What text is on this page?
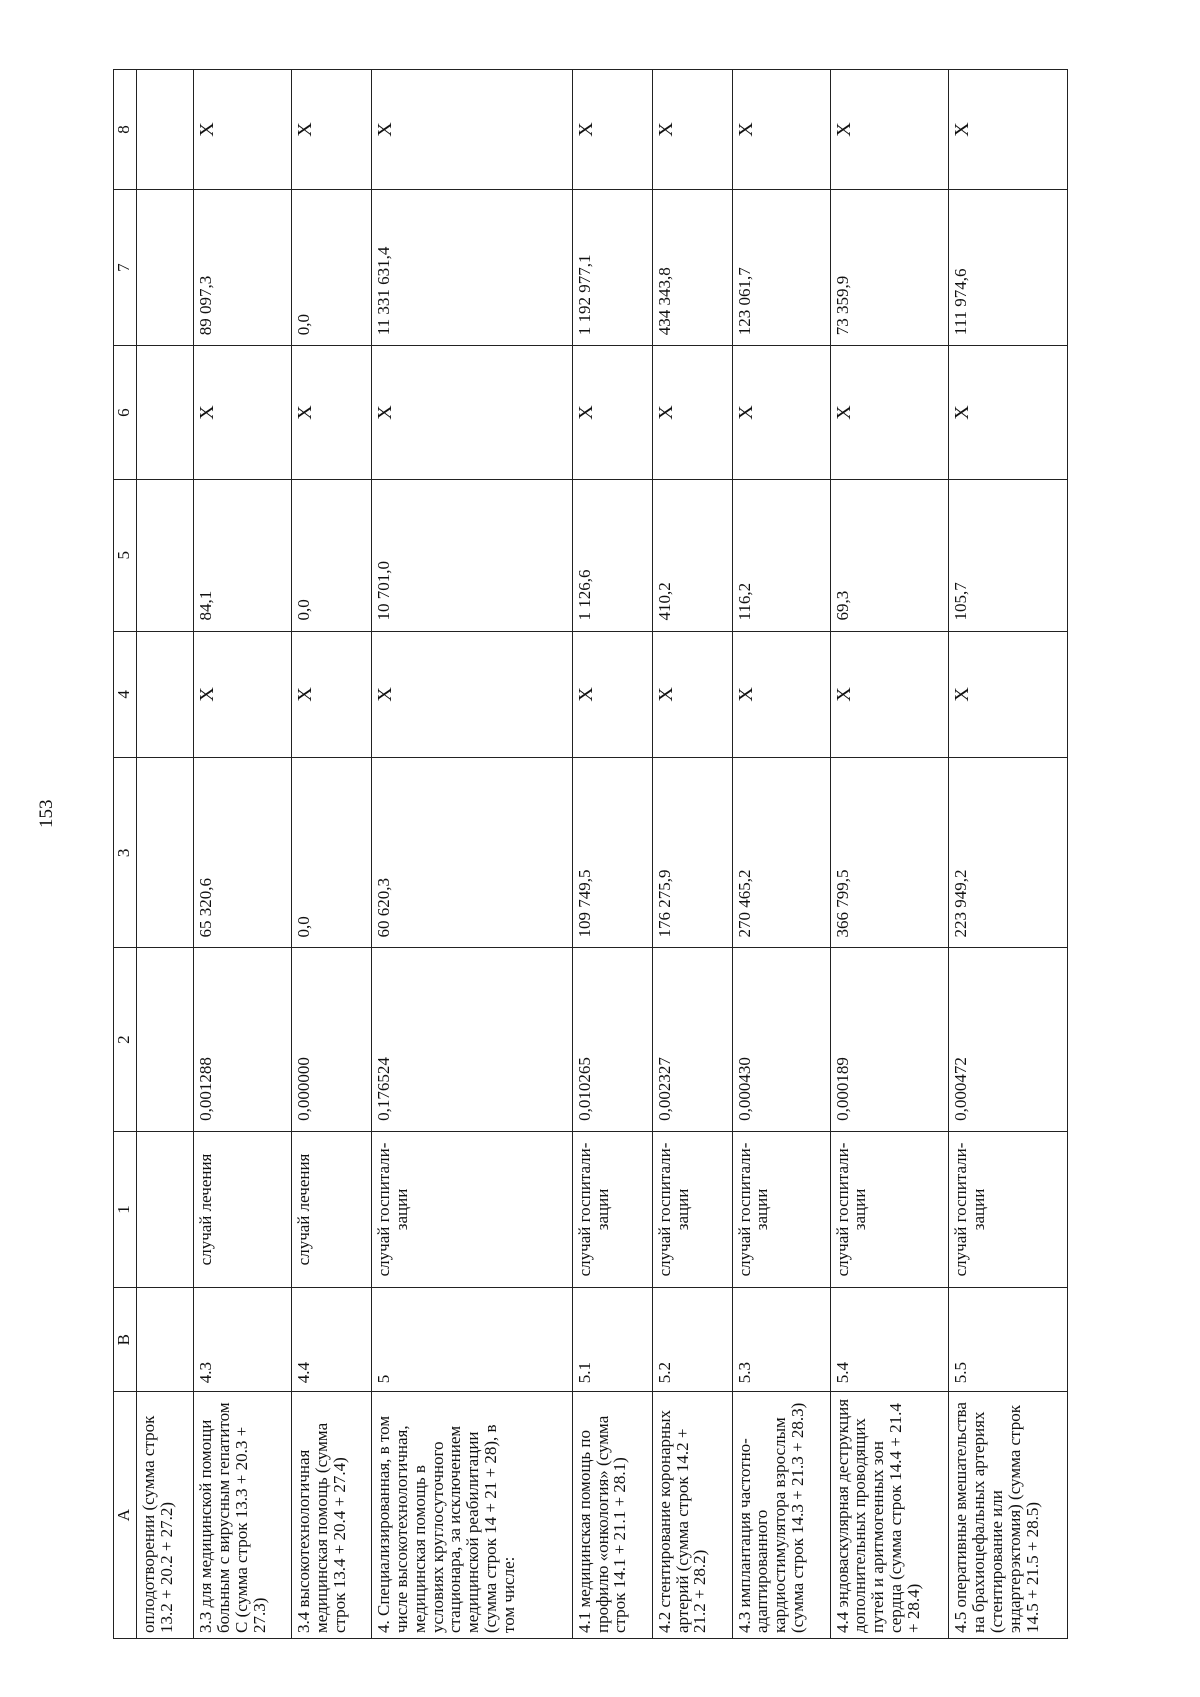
153
А	В	1	2	3	4	5	6	7	8
оплодотворении (сумма строк 13.2 + 20.2 + 27.2)									
3.3 для медицинской помощи больным с вирусным гепатитом С (сумма строк 13.3 + 20.3 + 27.3)	4.3	случай лечения	0,001288	65 320,6	X	84,1	X	89 097,3	X
3.4 высокотехнологичная медицинская помощь (сумма строк 13.4 + 20.4 + 27.4)	4.4	случай лечения	0,000000	0,0	X	0,0	X	0,0	X
4. Специализированная, в том числе высокотехнологичная, медицинская помощь в условиях круглосуточного стационара, за исключением медицинской реабилитации (сумма строк 14 + 21 + 28), в том числе:	5	случай госпитали-зации	0,176524	60 620,3	X	10 701,0	X	11 331 631,4	X
4.1 медицинская помощь по профилю «онкология» (сумма строк 14.1 + 21.1 + 28.1)	5.1	случай госпитали-зации	0,010265	109 749,5	X	1 126,6	X	1 192 977,1	X
4.2 стентирование коронарных артерий (сумма строк 14.2 + 21.2 + 28.2)	5.2	случай госпитали-зации	0,002327	176 275,9	X	410,2	X	434 343,8	X
4.3 имплантация частотно-адаптированного кардиостимулятора взрослым (сумма строк 14.3 + 21.3 + 28.3)	5.3	случай госпитали-зации	0,000430	270 465,2	X	116,2	X	123 061,7	X
4.4 эндоваскулярная деструкция дополнительных проводящих путей и аритмогенных зон сердца (сумма строк 14.4 + 21.4 + 28.4)	5.4	случай госпитали-зации	0,000189	366 799,5	X	69,3	X	73 359,9	X
4.5 оперативные вмешательства на брахиоцефальных артериях (стентирование или эндартерэктомия) (сумма строк 14.5 + 21.5 + 28.5)	5.5	случай госпитали-зации	0,000472	223 949,2	X	105,7	X	111 974,6	X
